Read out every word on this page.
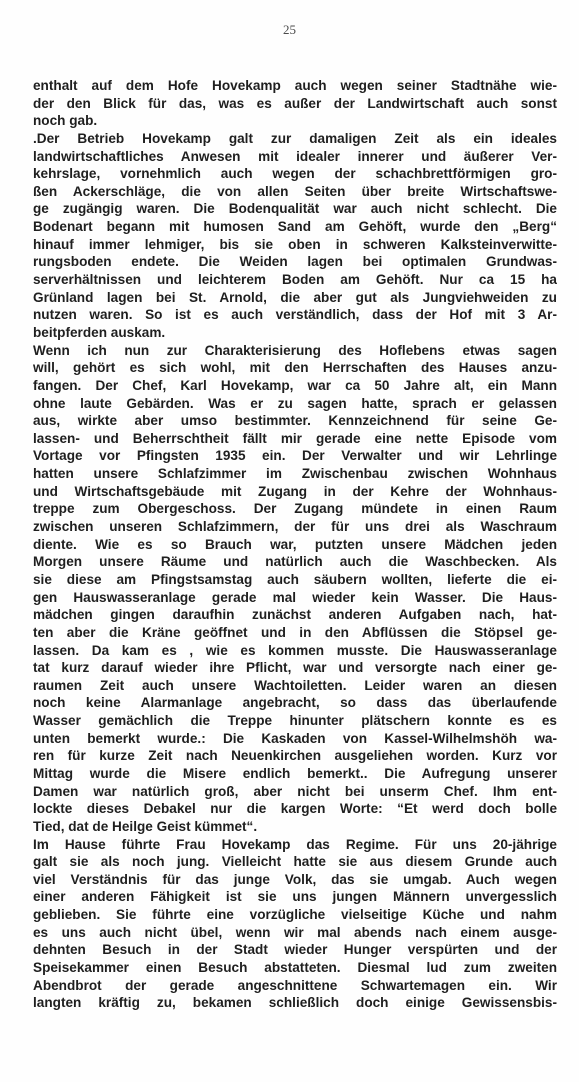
25
enthalt auf dem Hofe Hovekamp auch wegen seiner Stadtnähe wie-
der den Blick für das, was es außer der Landwirtschaft auch sonst
noch gab.
.Der Betrieb Hovekamp galt zur damaligen Zeit als ein ideales
landwirtschaftliches Anwesen mit idealer innerer und äußerer Ver-
kehrslage, vornehmlich auch wegen der schachbrettförmigen gro-
ßen Ackerschläge, die von allen Seiten über breite Wirtschaftswe-
ge zugängig waren. Die Bodenqualität war auch nicht schlecht. Die
Bodenart begann mit humosen Sand am Gehöft, wurde den „Berg“
hinauf immer lehmiger, bis sie oben in schweren Kalksteinverwitte-
rungsboden endete. Die Weiden lagen bei optimalen Grundwas-
serverhältnissen und leichterem Boden am Gehöft. Nur ca 15 ha
Grünland lagen bei St. Arnold, die aber gut als Jungviehweiden zu
nutzen waren. So ist es auch verständlich, dass der Hof mit 3 Ar-
beitpferden auskam.
Wenn ich nun zur Charakterisierung des Hoflebens etwas sagen
will, gehört es sich wohl, mit den Herrschaften des Hauses anzu-
fangen. Der Chef, Karl Hovekamp, war ca 50 Jahre alt, ein Mann
ohne laute Gebärden. Was er zu sagen hatte, sprach er gelassen
aus, wirkte aber umso bestimmter. Kennzeichnend für seine Ge-
lassen- und Beherrschtheit fällt mir gerade eine nette Episode vom
Vortage vor Pfingsten 1935 ein. Der Verwalter und wir Lehrlinge
hatten unsere Schlafzimmer im Zwischenbau zwischen Wohnhaus
und Wirtschaftsgebäude mit Zugang in der Kehre der Wohnhaus-
treppe zum Obergeschoss. Der Zugang mündete in einen Raum
zwischen unseren Schlafzimmern, der für uns drei als Waschraum
diente. Wie es so Brauch war, putzten unsere Mädchen jeden
Morgen unsere Räume und natürlich auch die Waschbecken. Als
sie diese am Pfingstsamstag auch säubern wollten, lieferte die ei-
gen Hauswasseranlage gerade mal wieder kein Wasser. Die Haus-
mädchen gingen daraufhin zunächst anderen Aufgaben nach, hat-
ten aber die Kräne geöffnet und in den Abflüssen die Stöpsel ge-
lassen. Da kam es , wie es kommen musste. Die Hauswasseranlage
tat kurz darauf wieder ihre Pflicht, war und versorgte nach einer ge-
raumen Zeit auch unsere Wachtoiletten. Leider waren an diesen
noch keine Alarmanlage angebracht, so dass das überlaufende
Wasser gemächlich die Treppe hinunter plätschern konnte es es
unten bemerkt wurde.: Die Kaskaden von Kassel-Wilhelmshöh wa-
ren für kurze Zeit nach Neuenkirchen ausgeliehen worden. Kurz vor
Mittag wurde die Misere endlich bemerkt.. Die Aufregung unserer
Damen war natürlich groß, aber nicht bei unserm Chef. Ihm ent-
lockte dieses Debakel nur die kargen Worte: “Et werd doch bolle
Tied, dat de Heilge Geist kümmet“.
Im Hause führte Frau Hovekamp das Regime. Für uns 20-jährige
galt sie als noch jung. Vielleicht hatte sie aus diesem Grunde auch
viel Verständnis für das junge Volk, das sie umgab. Auch wegen
einer anderen Fähigkeit ist sie uns jungen Männern unvergesslich
geblieben. Sie führte eine vorzügliche vielseitige Küche und nahm
es uns auch nicht übel, wenn wir mal abends nach einem ausge-
dehnten Besuch in der Stadt wieder Hunger verspürten und der
Speisekammer einen Besuch abstatteten. Diesmal lud zum zweiten
Abendbrot der gerade angeschnittene Schwartemagen ein. Wir
langten kräftig zu, bekamen schließlich doch einige Gewissensbis-
